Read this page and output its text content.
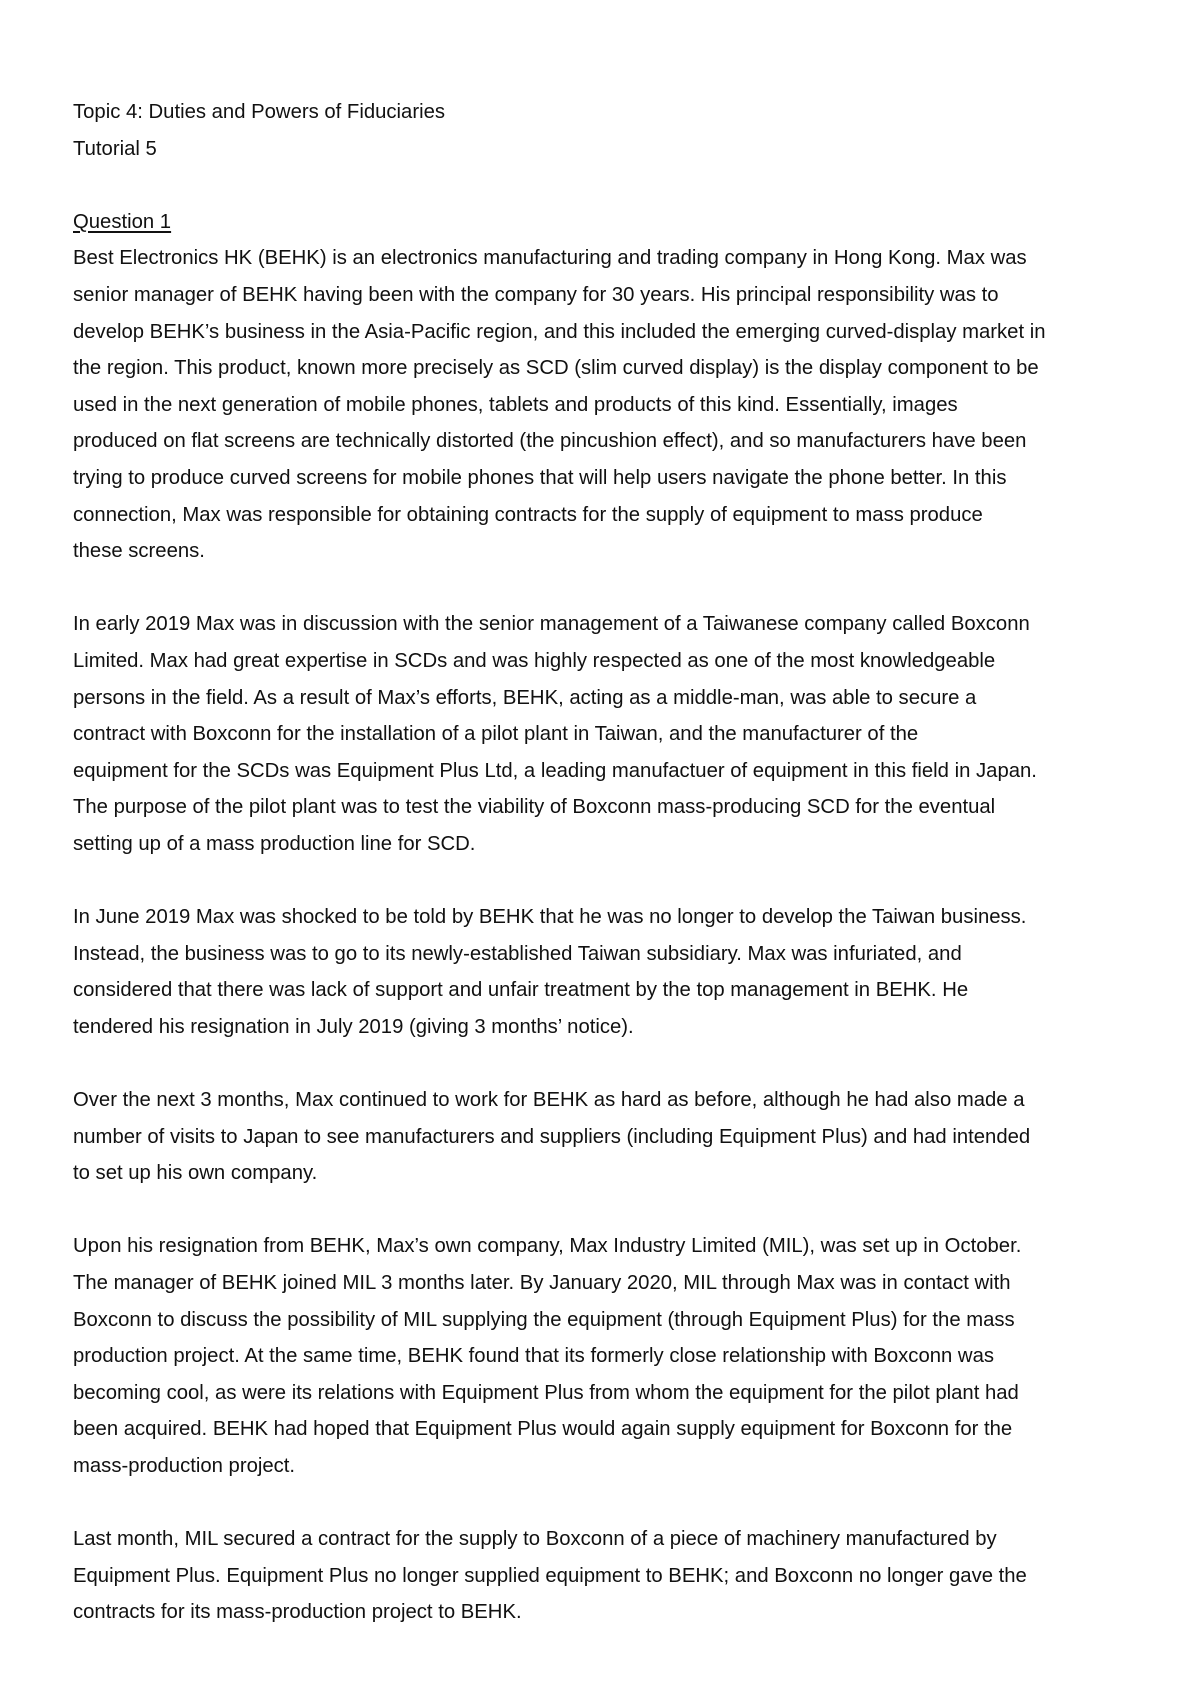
Topic 4: Duties and Powers of Fiduciaries
Tutorial 5
Question 1
Best Electronics HK (BEHK) is an electronics manufacturing and trading company in Hong Kong. Max was
senior manager of BEHK having been with the company for 30 years. His principal responsibility was to
develop BEHK’s business in the Asia-Pacific region, and this included the emerging curved-display market in
the region. This product, known more precisely as SCD (slim curved display) is the display component to be
used in the next generation of mobile phones, tablets and products of this kind. Essentially, images
produced on flat screens are technically distorted (the pincushion effect), and so manufacturers have been
trying to produce curved screens for mobile phones that will help users navigate the phone better. In this
connection, Max was responsible for obtaining contracts for the supply of equipment to mass produce
these screens.
In early 2019 Max was in discussion with the senior management of a Taiwanese company called Boxconn
Limited. Max had great expertise in SCDs and was highly respected as one of the most knowledgeable
persons in the field. As a result of Max’s efforts, BEHK, acting as a middle-man, was able to secure a
contract with Boxconn for the installation of a pilot plant in Taiwan, and the manufacturer of the
equipment for the SCDs was Equipment Plus Ltd, a leading manufactuer of equipment in this field in Japan.
The purpose of the pilot plant was to test the viability of Boxconn mass-producing SCD for the eventual
setting up of a mass production line for SCD.
In June 2019 Max was shocked to be told by BEHK that he was no longer to develop the Taiwan business.
Instead, the business was to go to its newly-established Taiwan subsidiary. Max was infuriated, and
considered that there was lack of support and unfair treatment by the top management in BEHK. He
tendered his resignation in July 2019 (giving 3 months’ notice).
Over the next 3 months, Max continued to work for BEHK as hard as before, although he had also made a
number of visits to Japan to see manufacturers and suppliers (including Equipment Plus) and had intended
to set up his own company.
Upon his resignation from BEHK, Max’s own company, Max Industry Limited (MIL), was set up in October.
The manager of BEHK joined MIL 3 months later. By January 2020, MIL through Max was in contact with
Boxconn to discuss the possibility of MIL supplying the equipment (through Equipment Plus) for the mass
production project. At the same time, BEHK found that its formerly close relationship with Boxconn was
becoming cool, as were its relations with Equipment Plus from whom the equipment for the pilot plant had
been acquired. BEHK had hoped that Equipment Plus would again supply equipment for Boxconn for the
mass-production project.
Last month, MIL secured a contract for the supply to Boxconn of a piece of machinery manufactured by
Equipment Plus. Equipment Plus no longer supplied equipment to BEHK; and Boxconn no longer gave the
contracts for its mass-production project to BEHK.
